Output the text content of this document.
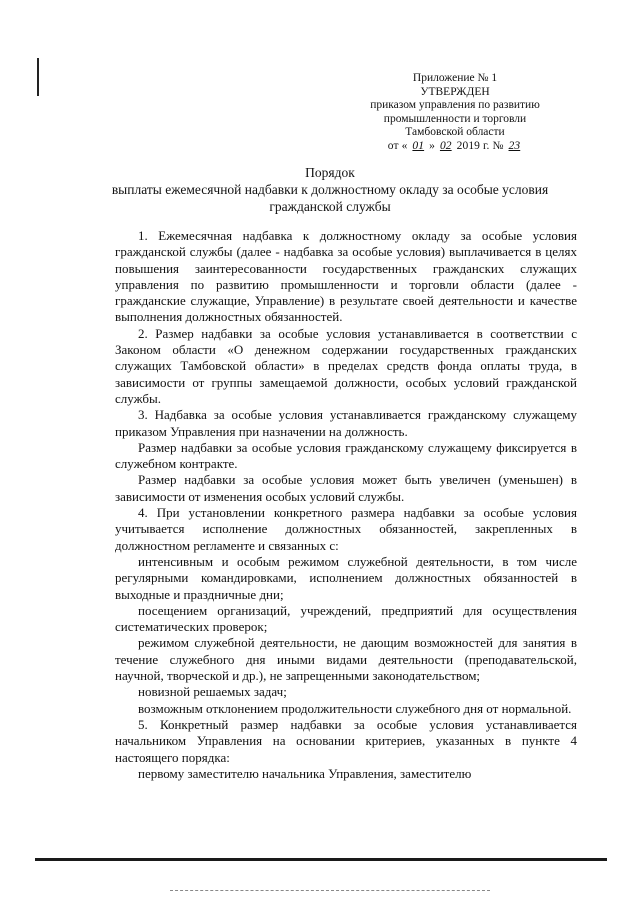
Приложение № 1
УТВЕРЖДЕН
приказом управления по развитию
промышленности и торговли
Тамбовской области
от « 01 » 02 2019 г. № 23
Порядок
выплаты ежемесячной надбавки к должностному окладу за особые условия гражданской службы

1. Ежемесячная надбавка к должностному окладу за особые условия гражданской службы (далее - надбавка за особые условия) выплачивается в целях повышения заинтересованности государственных гражданских служащих управления по развитию промышленности и торговли области (далее - гражданские служащие, Управление) в результате своей деятельности и качестве выполнения должностных обязанностей.

2. Размер надбавки за особые условия устанавливается в соответствии с Законом области «О денежном содержании государственных гражданских служащих Тамбовской области» в пределах средств фонда оплаты труда, в зависимости от группы замещаемой должности, особых условий гражданской службы.

3. Надбавка за особые условия устанавливается гражданскому служащему приказом Управления при назначении на должность.

Размер надбавки за особые условия гражданскому служащему фиксируется в служебном контракте.

Размер надбавки за особые условия может быть увеличен (уменьшен) в зависимости от изменения особых условий службы.

4. При установлении конкретного размера надбавки за особые условия учитывается исполнение должностных обязанностей, закрепленных в должностном регламенте и связанных с:

интенсивным и особым режимом служебной деятельности, в том числе регулярными командировками, исполнением должностных обязанностей в выходные и праздничные дни;

посещением организаций, учреждений, предприятий для осуществления систематических проверок;

режимом служебной деятельности, не дающим возможностей для занятия в течение служебного дня иными видами деятельности (преподавательской, научной, творческой и др.), не запрещенными законодательством;

новизной решаемых задач;

возможным отклонением продолжительности служебного дня от нормальной.

5. Конкретный размер надбавки за особые условия устанавливается начальником Управления на основании критериев, указанных в пункте 4 настоящего порядка:

первому заместителю начальника Управления, заместителю
